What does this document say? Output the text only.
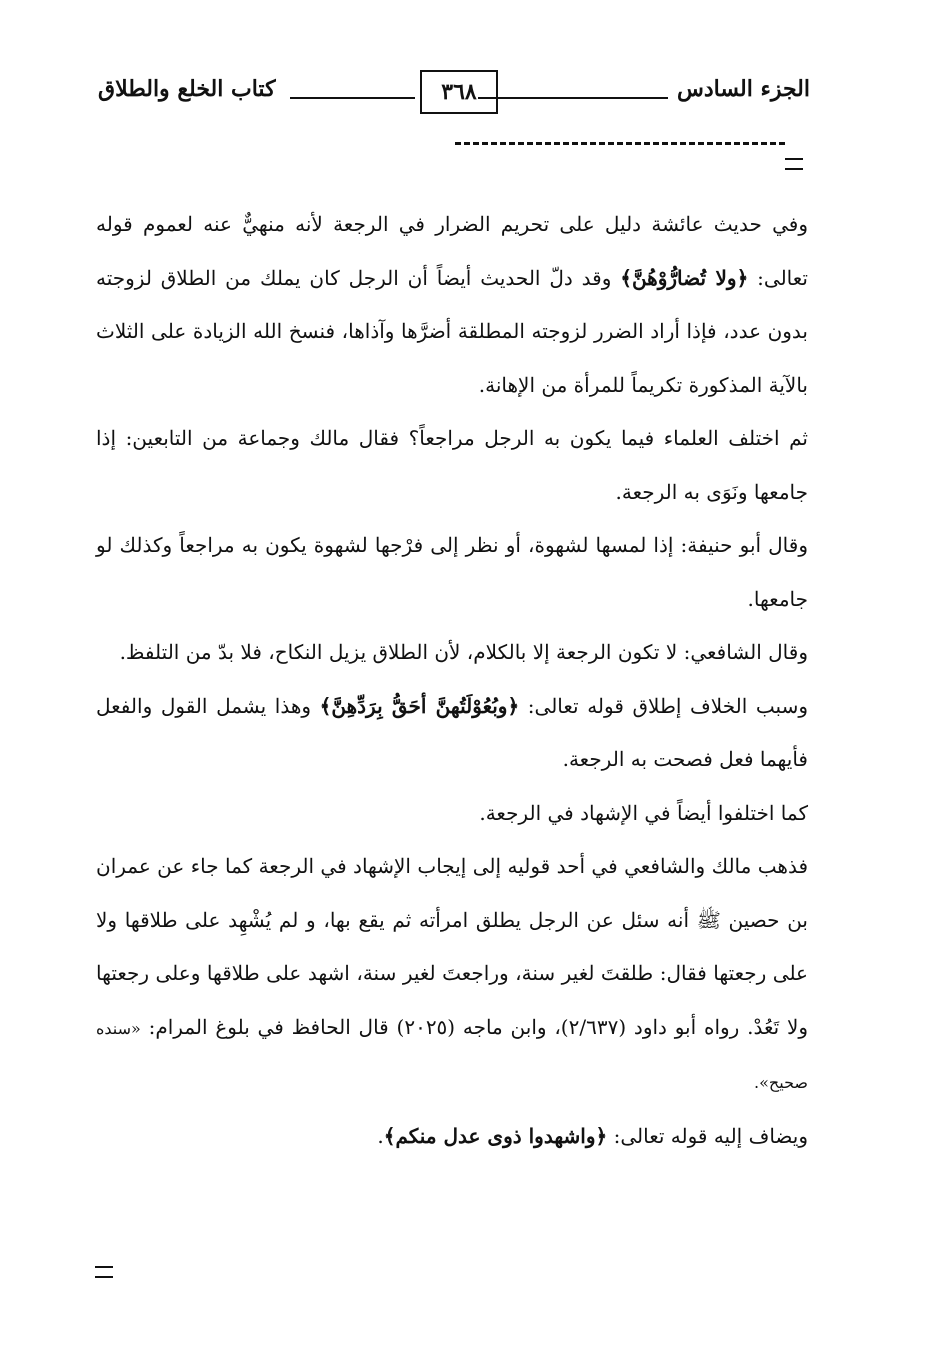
الجزء السادس
٣٦٨
كتاب الخلع والطلاق

وفي حديث عائشة دليل على تحريم الضرار في الرجعة لأنه منهيٌّ عنه لعموم قوله تعالى: ﴿ولا تُضارُّوْهُنَّ﴾ وقد دلّ الحديث أيضاً أن الرجل كان يملك من الطلاق لزوجته بدون عدد، فإذا أراد الضرر لزوجته المطلقة أضرَّها وآذاها، فنسخ الله الزيادة على الثلاث بالآية المذكورة تكريماً للمرأة من الإهانة.

ثم اختلف العلماء فيما يكون به الرجل مراجعاً؟ فقال مالك وجماعة من التابعين: إذا جامعها ونَوَى به الرجعة.

وقال أبو حنيفة: إذا لمسها لشهوة، أو نظر إلى فرْجها لشهوة يكون به مراجعاً وكذلك لو جامعها.

وقال الشافعي: لا تكون الرجعة إلا بالكلام، لأن الطلاق يزيل النكاح، فلا بدّ من التلفظ.

وسبب الخلاف إطلاق قوله تعالى: ﴿وبُعُوْلَتُهنَّ أحَقُّ بِرَدِّهِنَّ﴾ وهذا يشمل القول والفعل فأيهما فعل فصحت به الرجعة.

كما اختلفوا أيضاً في الإشهاد في الرجعة.

فذهب مالك والشافعي في أحد قوليه إلى إيجاب الإشهاد في الرجعة كما جاء عن عمران بن حصين ﷺ أنه سئل عن الرجل يطلق امرأته ثم يقع بها، و لم يُشْهِد على طلاقها ولا على رجعتها فقال: طلقتَ لغير سنة، وراجعتَ لغير سنة، اشهد على طلاقها وعلى رجعتها ولا تَعُدْ. رواه أبو داود (٢/٦٣٧)، وابن ماجه (٢٠٢٥) قال الحافظ في بلوغ المرام: «سنده صحيح».

ويضاف إليه قوله تعالى: ﴿واشهدوا ذوى عدل منكم﴾.
